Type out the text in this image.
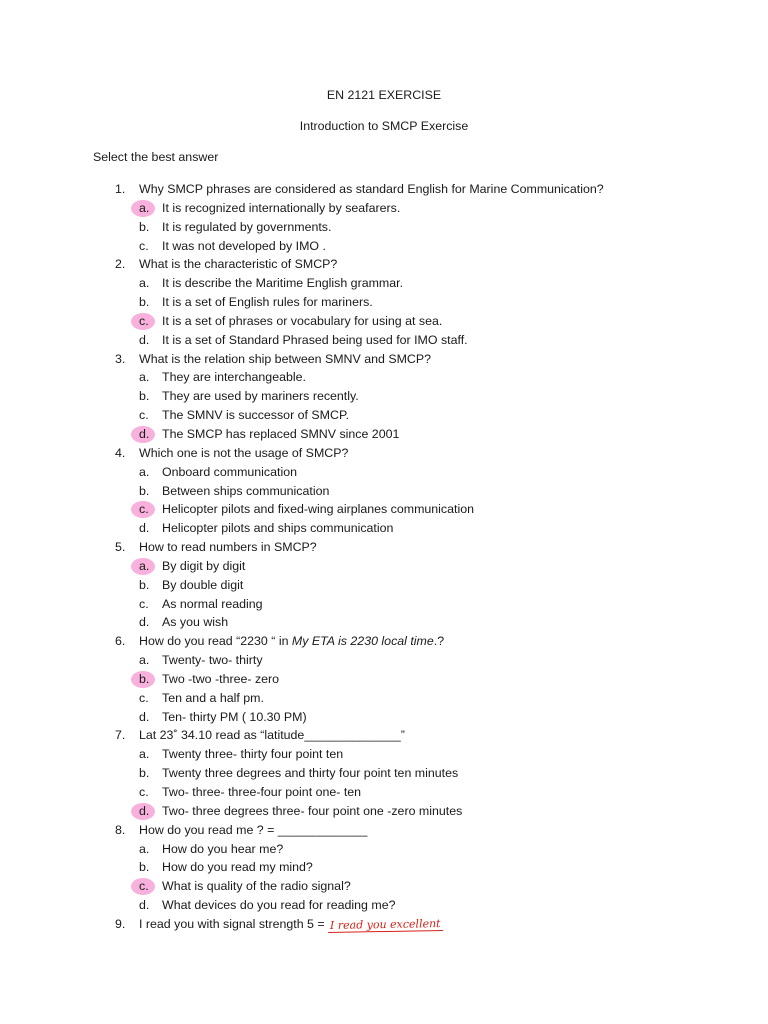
EN 2121 EXERCISE
Introduction to SMCP Exercise
Select the best answer
1. Why SMCP phrases are considered as standard English for Marine Communication?
a. It is recognized internationally by seafarers.
b. It is regulated by governments.
c. It was not developed by IMO .
2. What is the characteristic of SMCP?
a. It is describe the Maritime English grammar.
b. It is a set of English rules for mariners.
c. It is a set of phrases or vocabulary for using at sea.
d. It is a set of Standard Phrased being used for IMO staff.
3. What is the relation ship between SMNV and SMCP?
a. They are interchangeable.
b. They are used by mariners recently.
c. The SMNV is successor of SMCP.
d. The SMCP has replaced SMNV since 2001
4. Which one is not the usage of SMCP?
a. Onboard communication
b. Between ships communication
c. Helicopter pilots and fixed-wing airplanes communication
d. Helicopter pilots and ships communication
5. How to read numbers in SMCP?
a. By digit by digit
b. By double digit
c. As normal reading
d. As you wish
6. How do you read “2230 “ in My ETA is 2230 local time.?
a. Twenty- two- thirty
b. Two -two -three- zero
c. Ten and a half pm.
d. Ten- thirty PM ( 10.30 PM)
7. Lat 23˚ 34.10 read as “latitude______________”
a. Twenty three- thirty four point ten
b. Twenty three degrees and thirty four point ten minutes
c. Two- three- three-four point one- ten
d. Two- three degrees three- four point one -zero minutes
8. How do you read me ? = _____________
a. How do you hear me?
b. How do you read my mind?
c. What is quality of the radio signal?
d. What devices do you read for reading me?
9. I read you with signal strength 5 = I read you excellent
